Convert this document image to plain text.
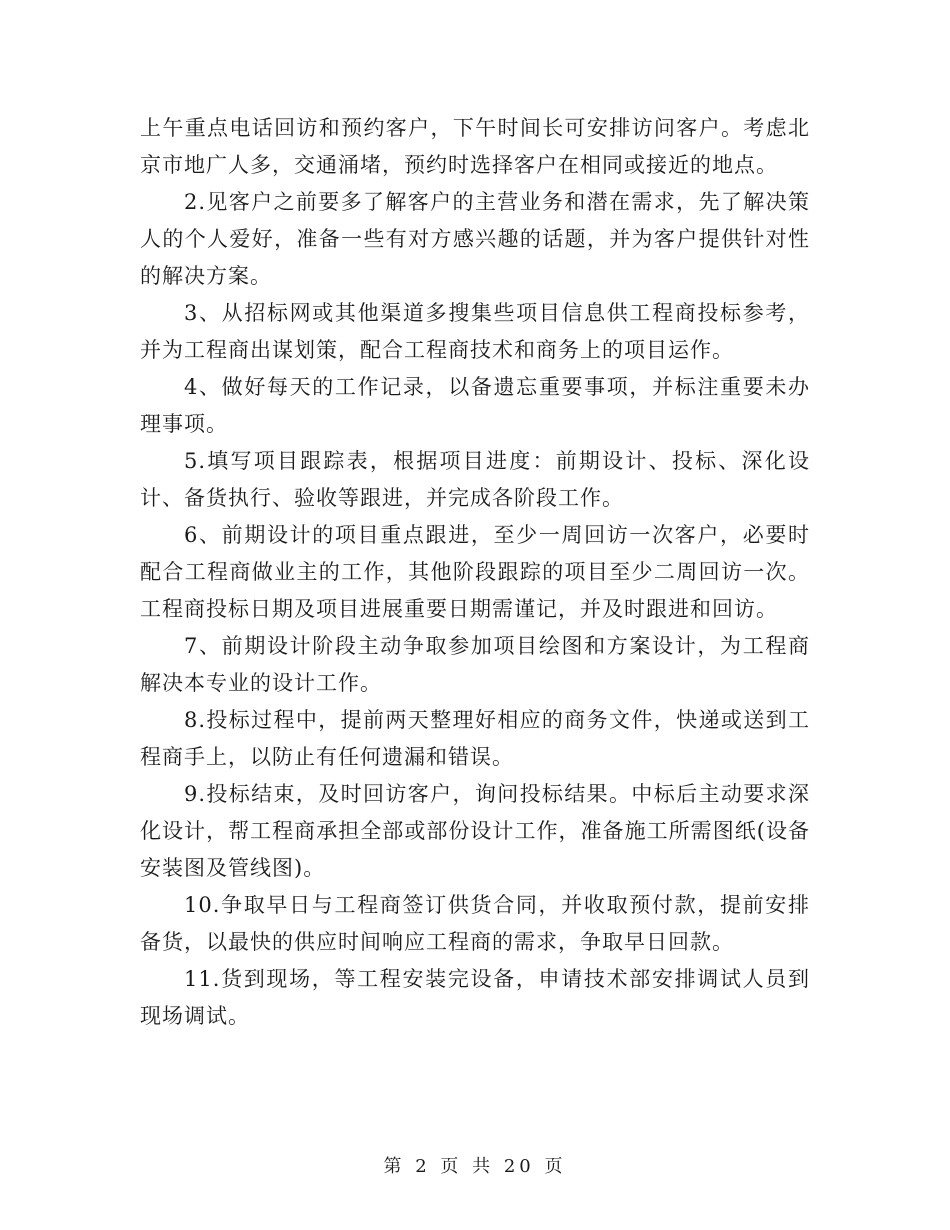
上午重点电话回访和预约客户，下午时间长可安排访问客户。考虑北京市地广人多，交通涌堵，预约时选择客户在相同或接近的地点。

2.见客户之前要多了解客户的主营业务和潜在需求，先了解决策人的个人爱好，准备一些有对方感兴趣的话题，并为客户提供针对性的解决方案。

3、从招标网或其他渠道多搜集些项目信息供工程商投标参考，并为工程商出谋划策，配合工程商技术和商务上的项目运作。

4、做好每天的工作记录，以备遗忘重要事项，并标注重要未办理事项。

5.填写项目跟踪表，根据项目进度：前期设计、投标、深化设计、备货执行、验收等跟进，并完成各阶段工作。

6、前期设计的项目重点跟进，至少一周回访一次客户，必要时配合工程商做业主的工作，其他阶段跟踪的项目至少二周回访一次。工程商投标日期及项目进展重要日期需谨记，并及时跟进和回访。

7、前期设计阶段主动争取参加项目绘图和方案设计，为工程商解决本专业的设计工作。

8.投标过程中，提前两天整理好相应的商务文件，快递或送到工程商手上，以防止有任何遗漏和错误。

9.投标结束，及时回访客户，询问投标结果。中标后主动要求深化设计，帮工程商承担全部或部份设计工作，准备施工所需图纸(设备安装图及管线图)。

10.争取早日与工程商签订供货合同，并收取预付款，提前安排备货，以最快的供应时间响应工程商的需求，争取早日回款。

11.货到现场，等工程安装完设备，申请技术部安排调试人员到现场调试。

第 2 页 共 20 页
